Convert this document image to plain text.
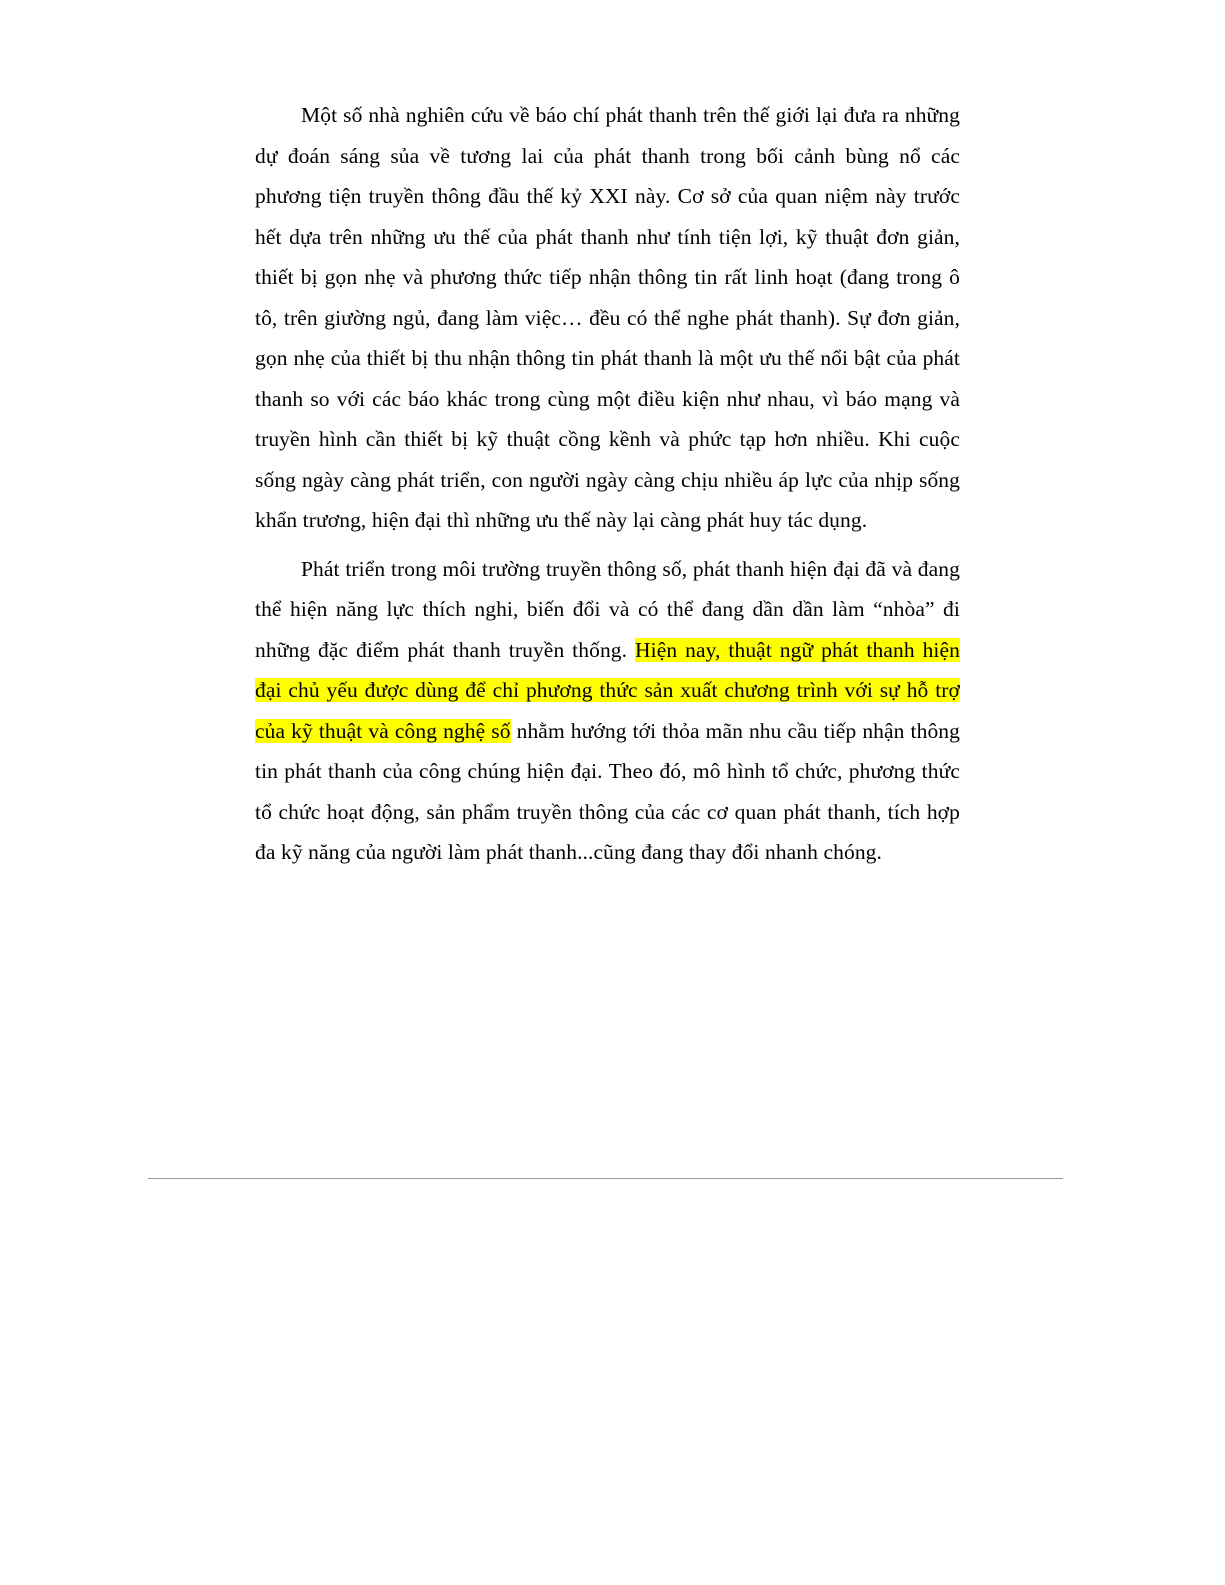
Một số nhà nghiên cứu về báo chí phát thanh trên thế giới lại đưa ra những dự đoán sáng sủa về tương lai của phát thanh trong bối cảnh bùng nổ các phương tiện truyền thông đầu thế kỷ XXI này. Cơ sở của quan niệm này trước hết dựa trên những ưu thế của phát thanh như tính tiện lợi, kỹ thuật đơn giản, thiết bị gọn nhẹ và phương thức tiếp nhận thông tin rất linh hoạt (đang trong ô tô, trên giường ngủ, đang làm việc… đều có thể nghe phát thanh). Sự đơn giản, gọn nhẹ của thiết bị thu nhận thông tin phát thanh là một ưu thế nổi bật của phát thanh so với các báo khác trong cùng một điều kiện như nhau, vì báo mạng và truyền hình cần thiết bị kỹ thuật cồng kềnh và phức tạp hơn nhiều. Khi cuộc sống ngày càng phát triển, con người ngày càng chịu nhiều áp lực của nhịp sống khẩn trương, hiện đại thì những ưu thế này lại càng phát huy tác dụng.

Phát triển trong môi trường truyền thông số, phát thanh hiện đại đã và đang thể hiện năng lực thích nghi, biến đổi và có thể đang dần dần làm “nhòa” đi những đặc điểm phát thanh truyền thống. Hiện nay, thuật ngữ phát thanh hiện đại chủ yếu được dùng để chỉ phương thức sản xuất chương trình với sự hỗ trợ của kỹ thuật và công nghệ số nhằm hướng tới thỏa mãn nhu cầu tiếp nhận thông tin phát thanh của công chúng hiện đại. Theo đó, mô hình tổ chức, phương thức tổ chức hoạt động, sản phẩm truyền thông của các cơ quan phát thanh, tích hợp đa kỹ năng của người làm phát thanh...cũng đang thay đổi nhanh chóng.
